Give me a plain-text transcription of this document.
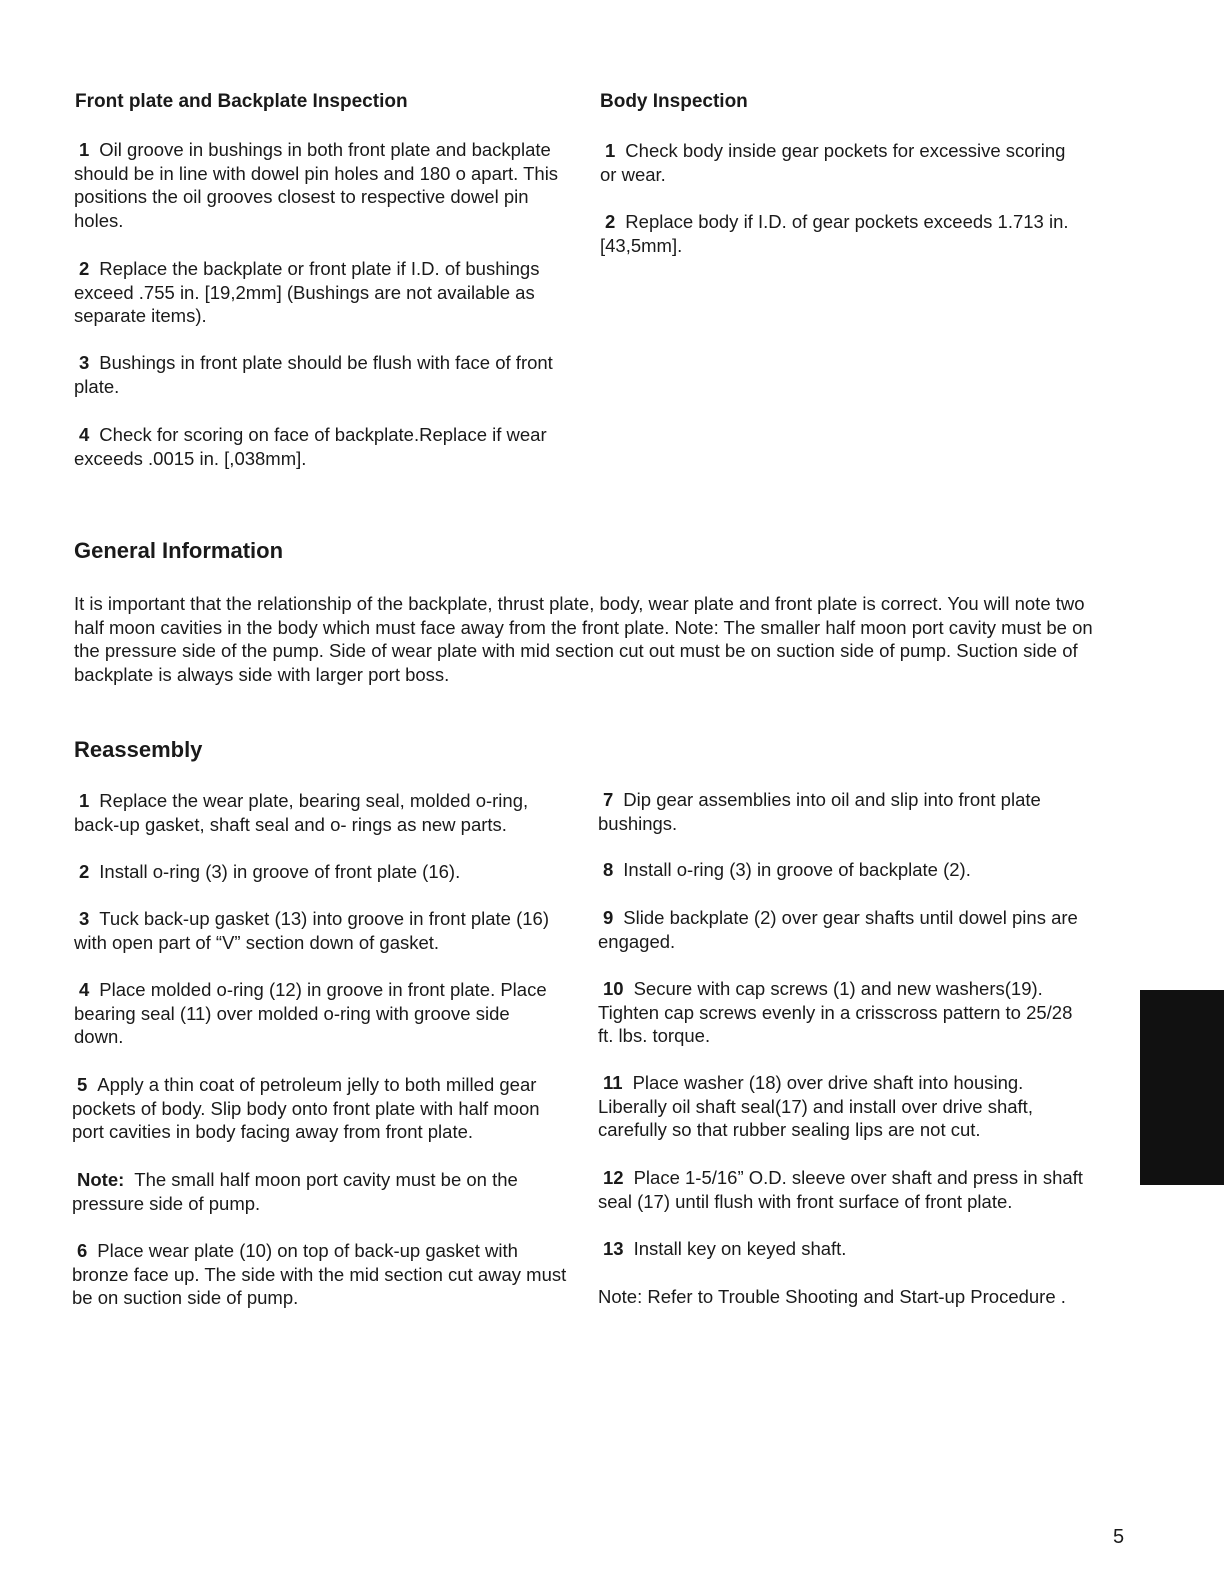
Front plate and Backplate Inspection
1 Oil groove in bushings in both front plate and backplate should be in line with dowel pin holes and 180 o apart. This positions the oil grooves closest to respective dowel pin holes.
2 Replace the backplate or front plate if I.D. of bushings exceed .755 in. [19,2mm] (Bushings are not available as separate items).
3 Bushings in front plate should be flush with face of front plate.
4 Check for scoring on face of backplate.Replace if wear exceeds .0015 in. [,038mm].
Body Inspection
1 Check body inside gear pockets for excessive scoring or wear.
2 Replace body if I.D. of gear pockets exceeds 1.713 in. [43,5mm].
General Information
It is important that the relationship of the backplate, thrust plate, body, wear plate and front plate is correct. You will note two half moon cavities in the body which must face away from the front plate. Note: The smaller half moon port cavity must be on the pressure side of the pump. Side of wear plate with mid section cut out must be on suction side of pump. Suction side of backplate is always side with larger port boss.
Reassembly
1 Replace the wear plate, bearing seal, molded o-ring, back-up gasket, shaft seal and o- rings as new parts.
2 Install o-ring (3) in groove of front plate (16).
3 Tuck back-up gasket (13) into groove in front plate (16) with open part of “V” section down of gasket.
4 Place molded o-ring (12) in groove in front plate. Place bearing seal (11) over molded o-ring with groove side down.
5 Apply a thin coat of petroleum jelly to both milled gear pockets of body. Slip body onto front plate with half moon port cavities in body facing away from front plate.
Note: The small half moon port cavity must be on the pressure side of pump.
6 Place wear plate (10) on top of back-up gasket with bronze face up. The side with the mid section cut away must be on suction side of pump.
7 Dip gear assemblies into oil and slip into front plate bushings.
8 Install o-ring (3) in groove of backplate (2).
9 Slide backplate (2) over gear shafts until dowel pins are engaged.
10 Secure with cap screws (1) and new washers(19). Tighten cap screws evenly in a crisscross pattern to 25/28 ft. lbs. torque.
11 Place washer (18) over drive shaft into housing. Liberally oil shaft seal(17) and install over drive shaft, carefully so that rubber sealing lips are not cut.
12 Place 1-5/16” O.D. sleeve over shaft and press in shaft seal (17) until flush with front surface of front plate.
13 Install key on keyed shaft.
Note: Refer to Trouble Shooting and Start-up Procedure .
5
